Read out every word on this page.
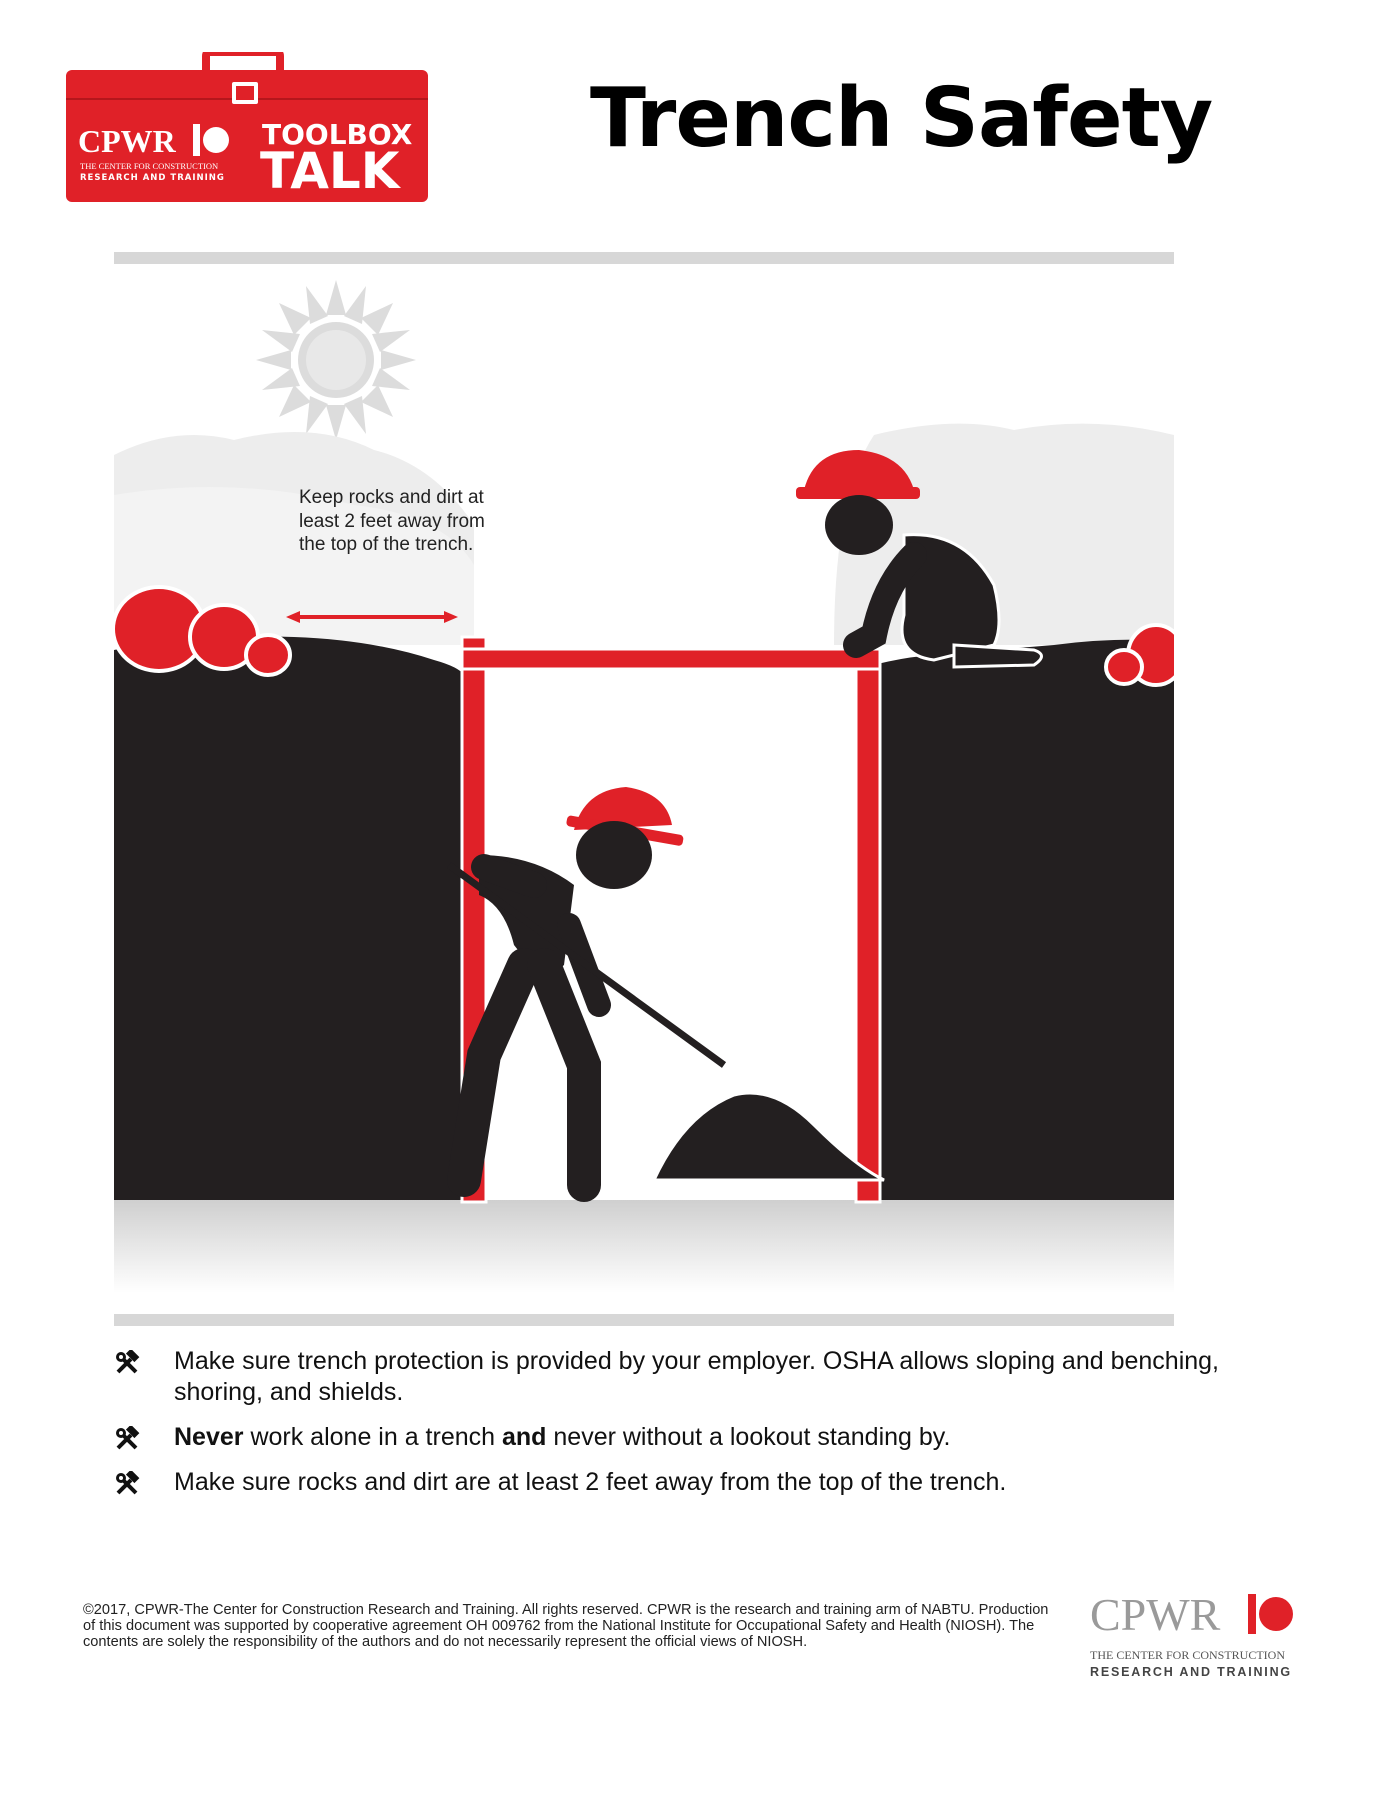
CPWR
THE CENTER FOR CONSTRUCTION
RESEARCH AND TRAINING
TOOLBOX
TALK
Trench Safety
Keep rocks and dirt at least 2 feet away from the top of the trench.
Make sure trench protection is provided by your employer. OSHA allows sloping and benching, shoring, and shields.
Never work alone in a trench and never without a lookout standing by.
Make sure rocks and dirt are at least 2 feet away from the top of the trench.
©2017, CPWR-The Center for Construction Research and Training. All rights reserved. CPWR is the research and training arm of NABTU. Production of this document was supported by cooperative agreement OH 009762 from the National Institute for Occupational Safety and Health (NIOSH). The contents are solely the responsibility of the authors and do not necessarily represent the official views of NIOSH.
CPWR
THE CENTER FOR CONSTRUCTION
RESEARCH AND TRAINING
